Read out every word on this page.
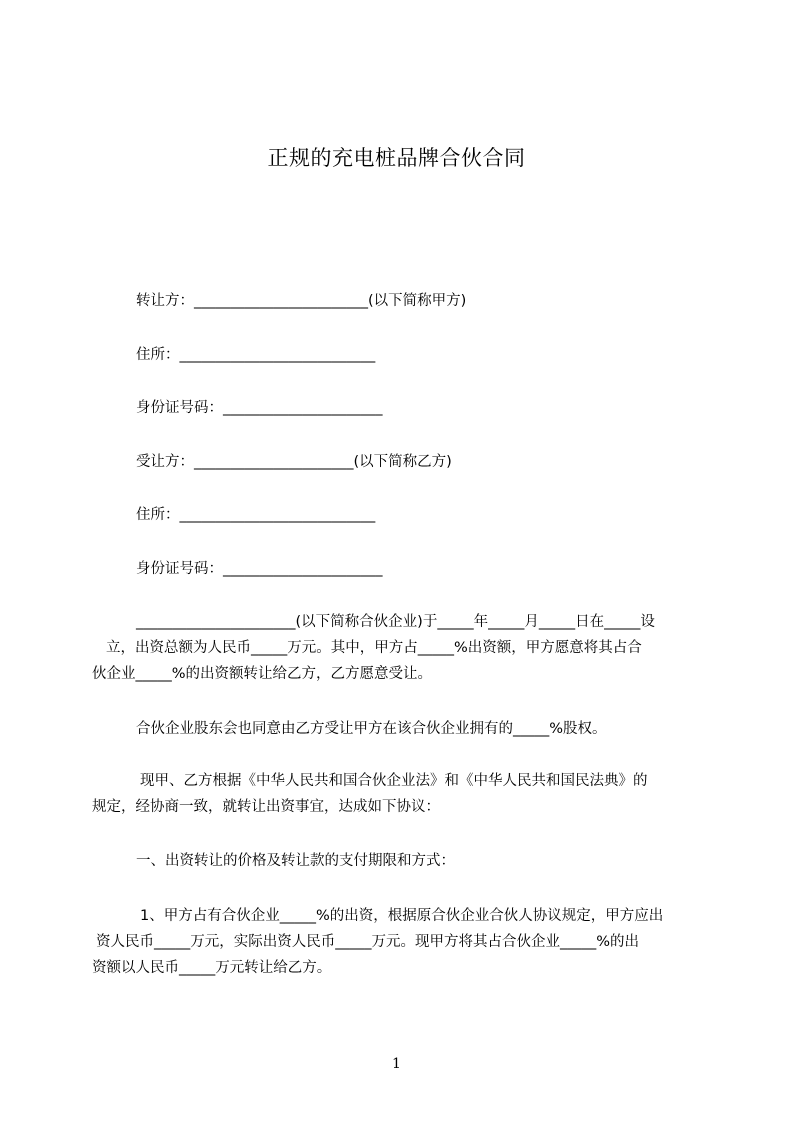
正规的充电桩品牌合伙合同
转让方：________________________(以下简称甲方)
住所：___________________________
身份证号码：______________________
受让方：______________________(以下简称乙方)
住所：___________________________
身份证号码：______________________
______________________(以下简称合伙企业)于_____年_____月_____日在_____设
立，出资总额为人民币_____万元。其中，甲方占_____%出资额，甲方愿意将其占合
伙企业_____%的出资额转让给乙方，乙方愿意受让。
合伙企业股东会也同意由乙方受让甲方在该合伙企业拥有的_____%股权。
现甲、乙方根据《中华人民共和国合伙企业法》和《中华人民共和国民法典》的
规定，经协商一致，就转让出资事宜，达成如下协议：
一、出资转让的价格及转让款的支付期限和方式：
1、甲方占有合伙企业_____%的出资，根据原合伙企业合伙人协议规定，甲方应出
资人民币_____万元，实际出资人民币_____万元。现甲方将其占合伙企业_____%的出
资额以人民币_____万元转让给乙方。
1
